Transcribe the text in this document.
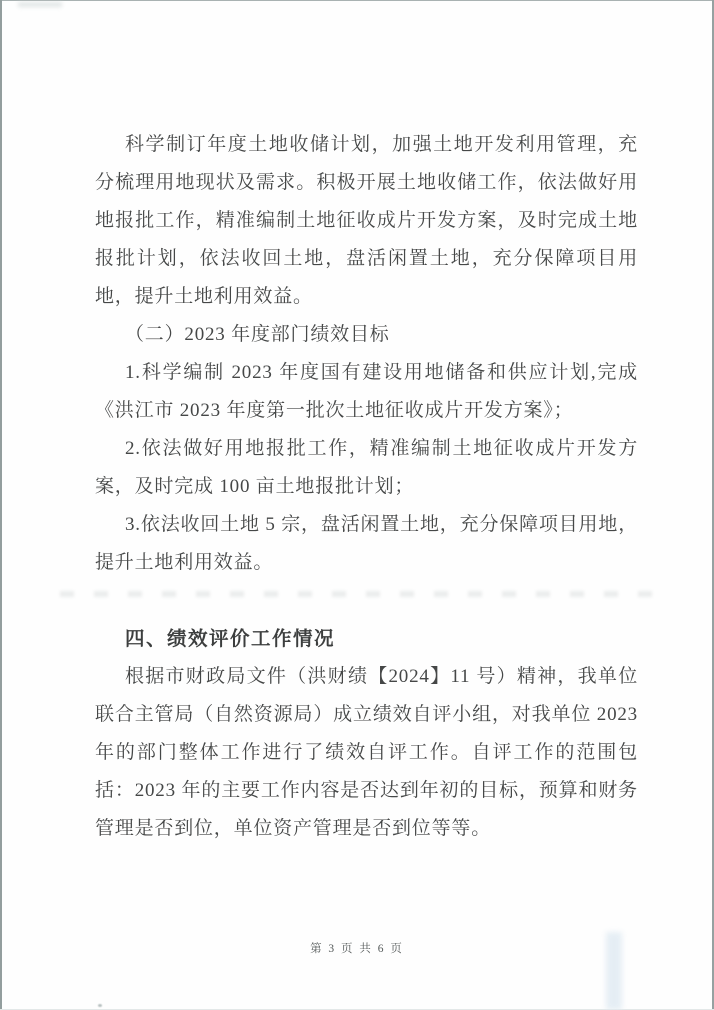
科学制订年度土地收储计划，加强土地开发利用管理，充分梳理用地现状及需求。积极开展土地收储工作，依法做好用地报批工作，精准编制土地征收成片开发方案，及时完成土地报批计划，依法收回土地，盘活闲置土地，充分保障项目用地，提升土地利用效益。

（二）2023 年度部门绩效目标

1.科学编制 2023 年度国有建设用地储备和供应计划,完成《洪江市 2023 年度第一批次土地征收成片开发方案》；

2.依法做好用地报批工作，精准编制土地征收成片开发方案，及时完成 100 亩土地报批计划；

3.依法收回土地 5 宗，盘活闲置土地，充分保障项目用地，提升土地利用效益。

四、绩效评价工作情况

根据市财政局文件（洪财绩【2024】11 号）精神，我单位联合主管局（自然资源局）成立绩效自评小组，对我单位 2023 年的部门整体工作进行了绩效自评工作。自评工作的范围包括：2023 年的主要工作内容是否达到年初的目标，预算和财务管理是否到位，单位资产管理是否到位等等。

第 3 页 共 6 页
